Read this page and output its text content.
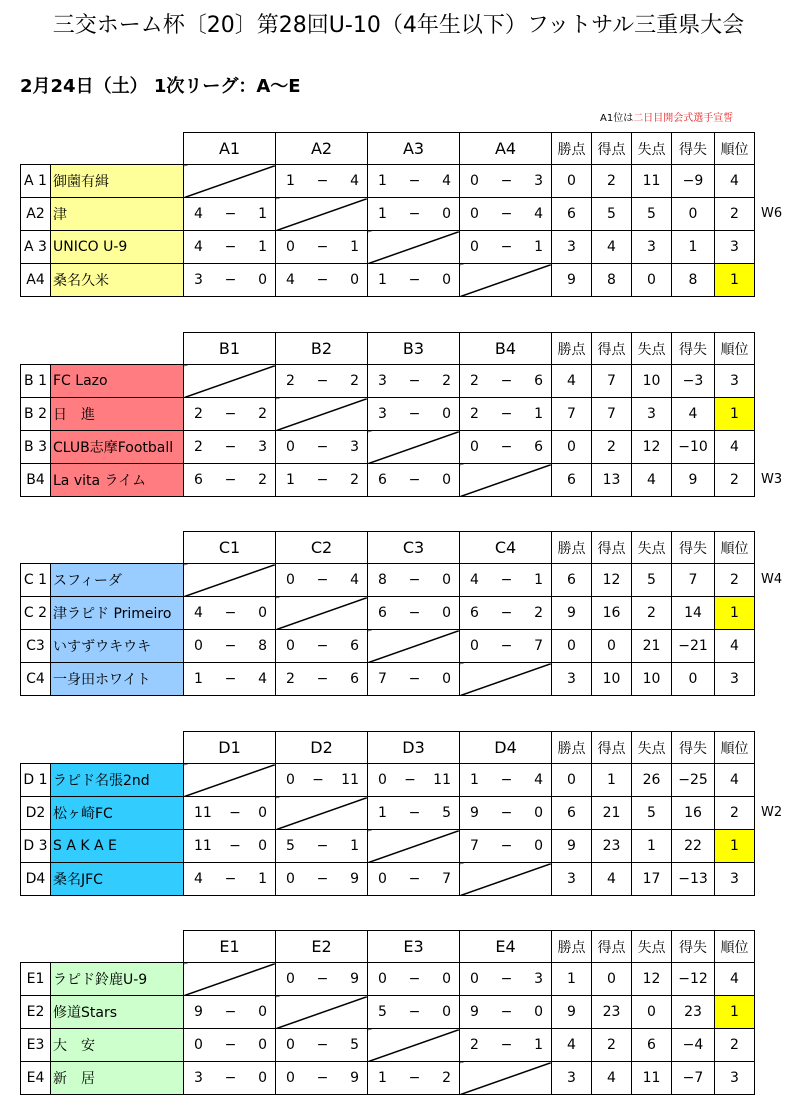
三交ホーム杯〔20〕第28回U-10（4年生以下）フットサル三重県大会
2月24日（土） 1次リーグ：A～E
A1位は二日目開会式選手宣誓
W6
		A1	A2	A3	A4	勝点	得点	失点	得失	順位
A 1	御薗有緝		1 − 4	1 − 4	0 − 3	0	2	11	−9	4
A2	津	4 − 1		1 − 0	0 − 4	6	5	5	0	2
A 3	UNICO U-9	4 − 1	0 − 1		0 − 1	3	4	3	1	3
A4	桑名久米	3 − 0	4 − 0	1 − 0		9	8	0	8	1
W3
		B1	B2	B3	B4	勝点	得点	失点	得失	順位
B 1	FC Lazo		2 − 2	3 − 2	2 − 6	4	7	10	−3	3
B 2	日　進	2 − 2		3 − 0	2 − 1	7	7	3	4	1
B 3	CLUB志摩Football	2 − 3	0 − 3		0 − 6	0	2	12	−10	4
B4	La vita ライム	6 − 2	1 − 2	6 − 0		6	13	4	9	2
W4
		C1	C2	C3	C4	勝点	得点	失点	得失	順位
C 1	スフィーダ		0 − 4	8 − 0	4 − 1	6	12	5	7	2
C 2	津ラピド Primeiro	4 − 0		6 − 0	6 − 2	9	16	2	14	1
C3	いすずウキウキ	0 − 8	0 − 6		0 − 7	0	0	21	−21	4
C4	一身田ホワイト	1 − 4	2 − 6	7 − 0		3	10	10	0	3
W2
		D1	D2	D3	D4	勝点	得点	失点	得失	順位
D 1	ラピド名張2nd		0 − 11	0 − 11	1 − 4	0	1	26	−25	4
D2	松ヶ崎FC	11 − 0		1 − 5	9 − 0	6	21	5	16	2
D 3	S A K A E	11 − 0	5 − 1		7 − 0	9	23	1	22	1
D4	桑名JFC	4 − 1	0 − 9	0 − 7		3	4	17	−13	3
		E1	E2	E3	E4	勝点	得点	失点	得失	順位
E1	ラピド鈴鹿U-9		0 − 9	0 − 0	0 − 3	1	0	12	−12	4
E2	修道Stars	9 − 0		5 − 0	9 − 0	9	23	0	23	1
E3	大　安	0 − 0	0 − 5		2 − 1	4	2	6	−4	2
E4	新　居	3 − 0	0 − 9	1 − 2		3	4	11	−7	3
